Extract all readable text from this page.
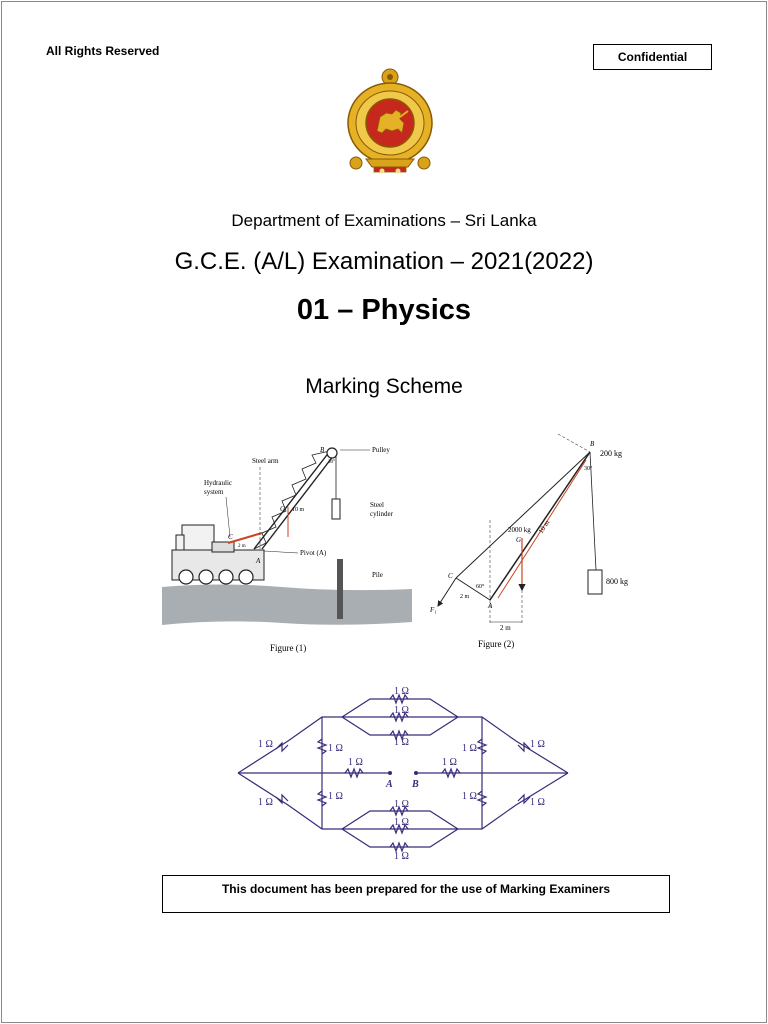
All Rights Reserved	Confidential
Department of Examinations – Sri Lanka
G.C.E. (A/L) Examination – 2021(2022)
01 – Physics
Marking Scheme
Pulley
Steel arm
Hydraulic
system
Steel
cylinder
Pivot (A)
Pile
B
G
C
A
10 m
2 m
30°
Figure (1)
B
200 kg
30°
2000 kg
G
10 m
800 kg
C
60°
2 m
A
F₁
2 m
Figure (2)
1 Ω
1 Ω
1 Ω
1 Ω
1 Ω
1 Ω
1 Ω
1 Ω
1 Ω
1 Ω
1 Ω
1 Ω
1 Ω	1 Ω
1 Ω
1 Ω
A B
This document has been prepared for the use of Marking Examiners
